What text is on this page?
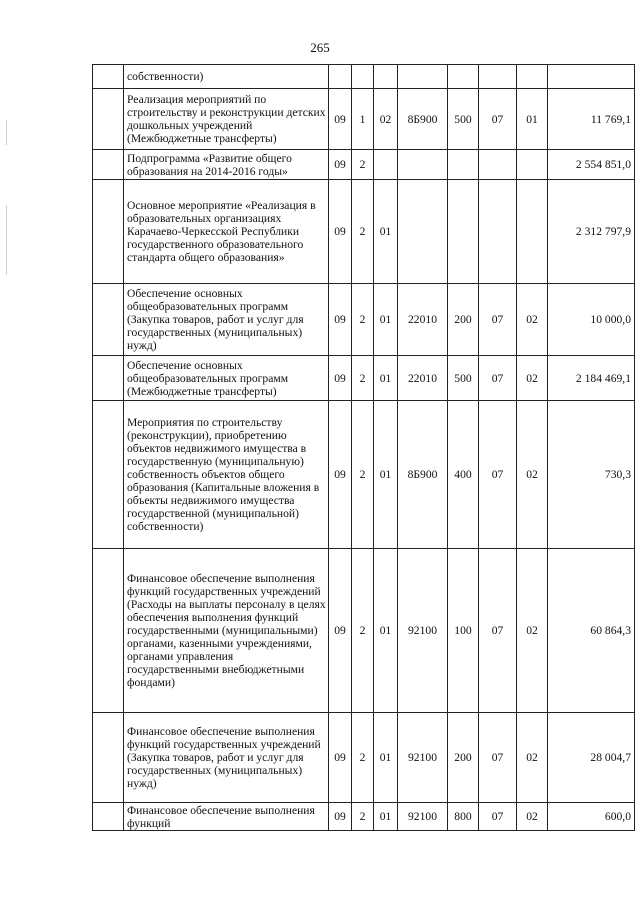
265
	собственности)								
	Реализация мероприятий по строительству и реконструкции детских дошкольных учреждений (Межбюджетные трансферты)	09	1	02	8Б900	500	07	01	11 769,1
	Подпрограмма «Развитие общего образования на 2014-2016 годы»	09	2						2 554 851,0
	Основное мероприятие «Реализация в образовательных организациях Карачаево-Черкесской Республики государственного образовательного стандарта общего образования»	09	2	01					2 312 797,9
	Обеспечение основных общеобразовательных программ (Закупка товаров, работ и услуг для государственных (муниципальных) нужд)	09	2	01	22010	200	07	02	10 000,0
	Обеспечение основных общеобразовательных программ (Межбюджетные трансферты)	09	2	01	22010	500	07	02	2 184 469,1
	Мероприятия по строительству (реконструкции), приобретению объектов недвижимого имущества в государственную (муниципальную) собственность объектов общего образования (Капитальные вложения в объекты недвижимого имущества государственной (муниципальной) собственности)	09	2	01	8Б900	400	07	02	730,3
	Финансовое обеспечение выполнения функций государственных учреждений (Расходы на выплаты персоналу в целях обеспечения выполнения функций государственными (муниципальными) органами, казенными учреждениями, органами управления государственными внебюджетными фондами)	09	2	01	92100	100	07	02	60 864,3
	Финансовое обеспечение выполнения функций государственных учреждений (Закупка товаров, работ и услуг для государственных (муниципальных) нужд)	09	2	01	92100	200	07	02	28 004,7
	Финансовое обеспечение выполнения функций	09	2	01	92100	800	07	02	600,0
